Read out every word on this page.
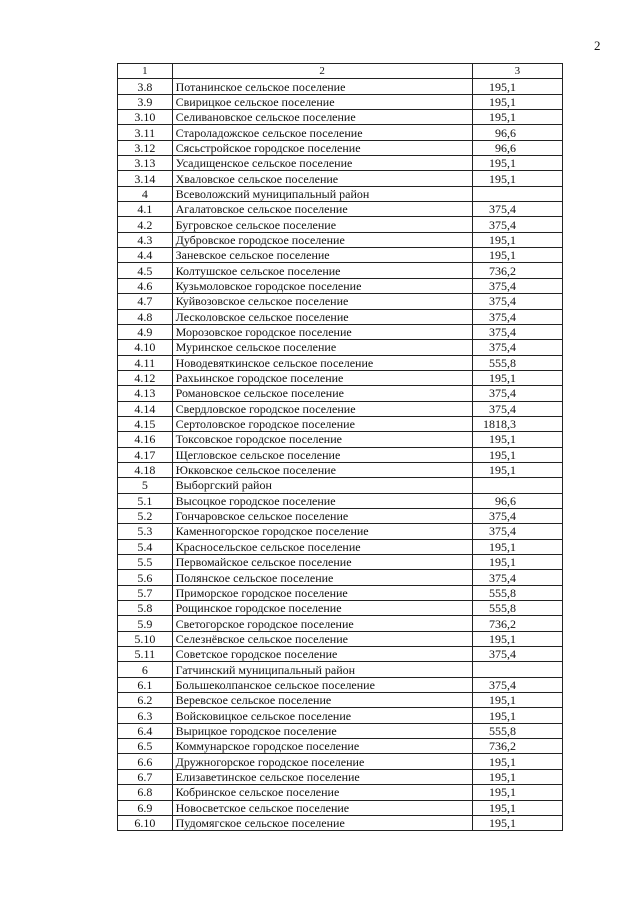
2
1	2	3
3.8	Потанинское сельское поселение	195,1
3.9	Свирицкое сельское поселение	195,1
3.10	Селивановское сельское поселение	195,1
3.11	Староладожское сельское поселение	96,6
3.12	Сясьстройское городское поселение	96,6
3.13	Усадищенское сельское поселение	195,1
3.14	Хваловское сельское поселение	195,1
4	Всеволожский муниципальный район	
4.1	Агалатовское сельское поселение	375,4
4.2	Бугровское сельское поселение	375,4
4.3	Дубровское городское поселение	195,1
4.4	Заневское сельское поселение	195,1
4.5	Колтушское сельское поселение	736,2
4.6	Кузьмоловское городское поселение	375,4
4.7	Куйвозовское сельское поселение	375,4
4.8	Лесколовское сельское поселение	375,4
4.9	Морозовское городское поселение	375,4
4.10	Муринское сельское поселение	375,4
4.11	Новодевяткинское сельское поселение	555,8
4.12	Рахьинское городское поселение	195,1
4.13	Романовское сельское поселение	375,4
4.14	Свердловское городское поселение	375,4
4.15	Сертоловское городское поселение	1818,3
4.16	Токсовское городское поселение	195,1
4.17	Щегловское сельское поселение	195,1
4.18	Юкковское сельское поселение	195,1
5	Выборгский район	
5.1	Высоцкое городское поселение	96,6
5.2	Гончаровское сельское поселение	375,4
5.3	Каменногорское городское поселение	375,4
5.4	Красносельское сельское поселение	195,1
5.5	Первомайское сельское поселение	195,1
5.6	Полянское сельское поселение	375,4
5.7	Приморское городское поселение	555,8
5.8	Рощинское городское поселение	555,8
5.9	Светогорское городское поселение	736,2
5.10	Селезнёвское сельское поселение	195,1
5.11	Советское городское поселение	375,4
6	Гатчинский муниципальный район	
6.1	Большеколпанское сельское поселение	375,4
6.2	Веревское сельское поселение	195,1
6.3	Войсковицкое сельское поселение	195,1
6.4	Вырицкое городское поселение	555,8
6.5	Коммунарское городское поселение	736,2
6.6	Дружногорское городское поселение	195,1
6.7	Елизаветинское сельское поселение	195,1
6.8	Кобринское сельское поселение	195,1
6.9	Новосветское сельское поселение	195,1
6.10	Пудомягское сельское поселение	195,1
